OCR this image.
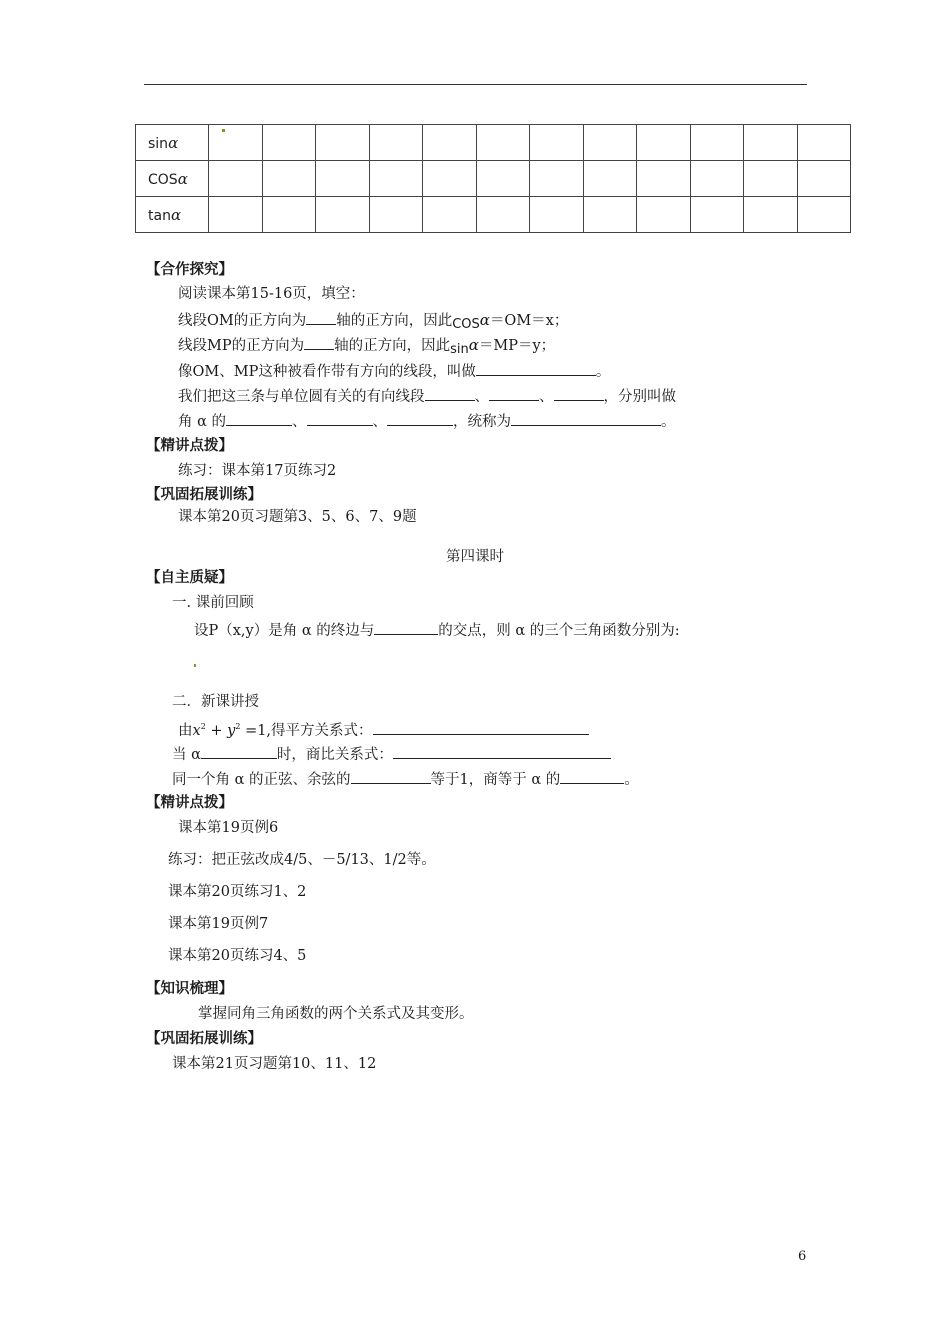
sinα												
COSα												
tanα												
【合作探究】
阅读课本第15-16页，填空：
线段OM的正方向为 轴的正方向，因此COSα＝OM＝x；
线段MP的正方向为 轴的正方向，因此sinα＝MP＝y；
像OM、MP这种被看作带有方向的线段，叫做	。
我们把这三条与单位圆有关的有向线段	、	、	，分别叫做
角 α 的	、	、	，统称为	。
【精讲点拨】
练习：课本第17页练习2
【巩固拓展训练】
课本第20页习题第3、5、6、7、9题
第四课时
【自主质疑】
一. 课前回顾
设P（x,y）是角 α 的终边与	的交点，则 α 的三个三角函数分别为:
二．新课讲授
由$x^2 + y^2 =1$,得平方关系式：
当 α	时，商比关系式：
同一个角 α 的正弦、余弦的	等于1，商等于 α 的	。
【精讲点拨】
课本第19页例6
练习：把正弦改成4/5、－5/13、1/2等。
课本第20页练习1、2
课本第19页例7
课本第20页练习4、5
【知识梳理】
掌握同角三角函数的两个关系式及其变形。
【巩固拓展训练】
课本第21页习题第10、11、12
6
